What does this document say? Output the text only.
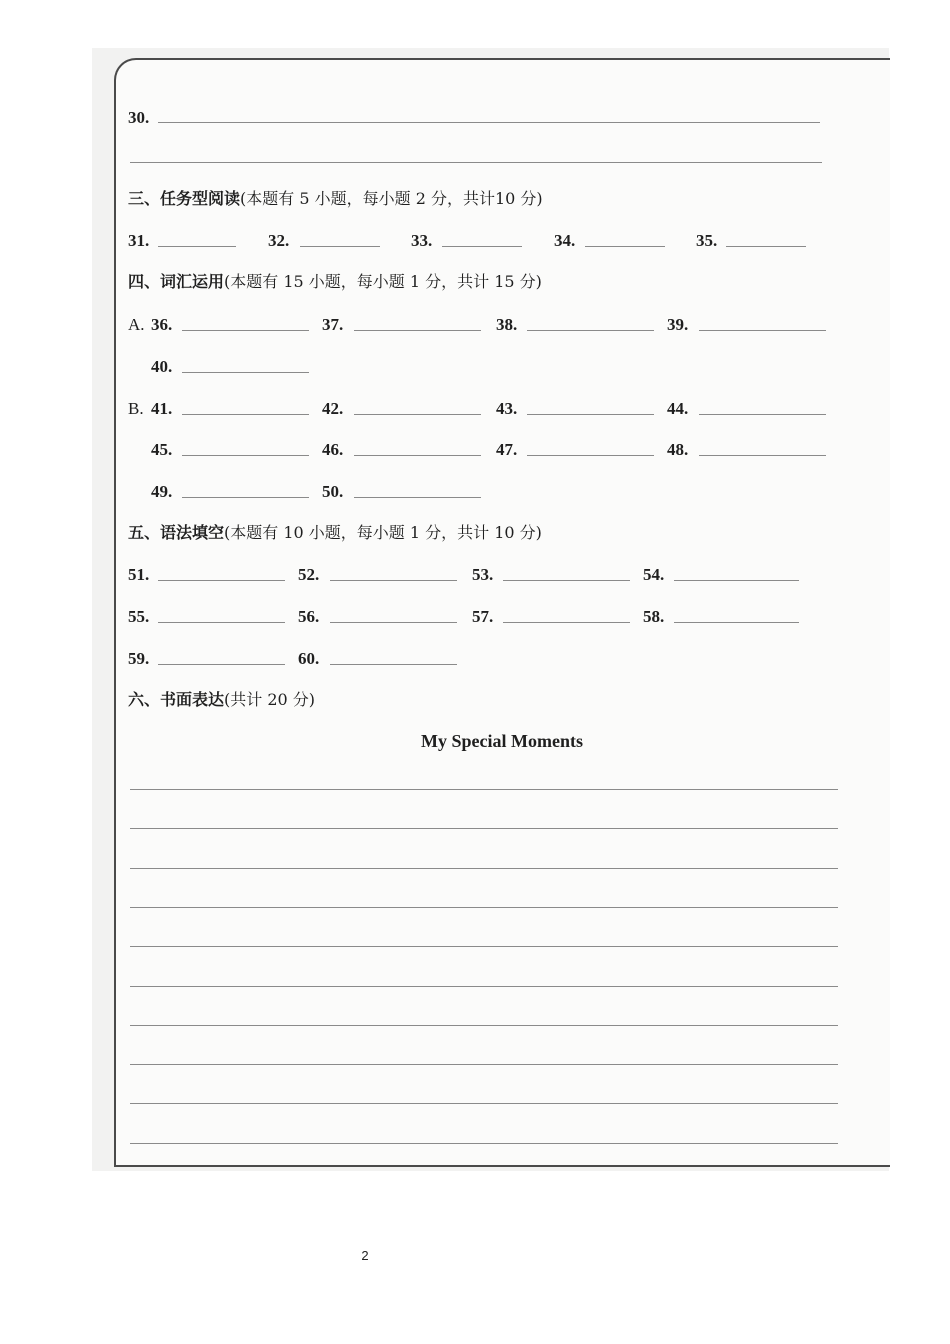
30.
三、任务型阅读(本题有 5 小题，每小题 2 分，共计10 分)
31.	32.	33.	34.	35.
四、词汇运用(本题有 15 小题，每小题 1 分，共计 15 分)
A. 36.	37.	38.	39.
40.
B. 41.	42.	43.	44.
45.	46.	47.	48.
49.	50.
五、语法填空(本题有 10 小题，每小题 1 分，共计 10 分)
51.	52.	53.	54.
55.	56.	57.	58.
59.	60.
六、书面表达(共计 20 分)
My Special Moments
2
